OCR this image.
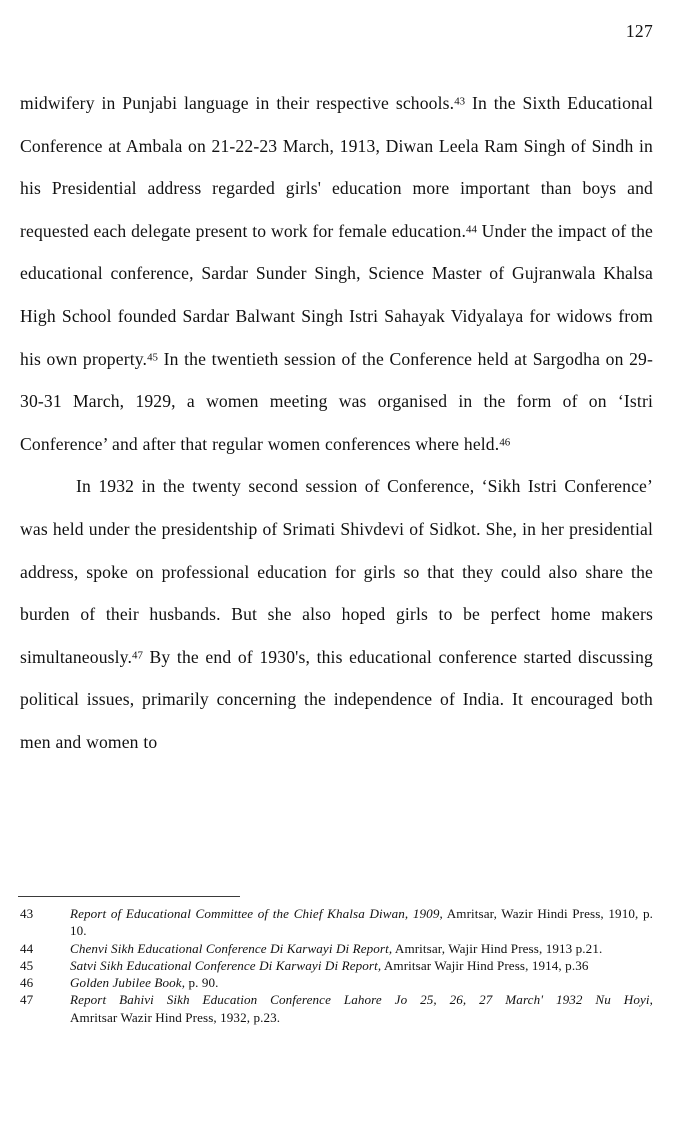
127

midwifery in Punjabi language in their respective schools.$^{43}$ In the Sixth Educational Conference at Ambala on 21-22-23 March, 1913, Diwan Leela Ram Singh of Sindh in his Presidential address regarded girls' education more important than boys and requested each delegate present to work for female education.$^{44}$ Under the impact of the educational conference, Sardar Sunder Singh, Science Master of Gujranwala Khalsa High School founded Sardar Balwant Singh Istri Sahayak Vidyalaya for widows from his own property.$^{45}$ In the twentieth session of the Conference held at Sargodha on 29-30-31 March, 1929, a women meeting was organised in the form of on ‘Istri Conference’ and after that regular women conferences where held.$^{46}$

In 1932 in the twenty second session of Conference, ‘Sikh Istri Conference’ was held under the presidentship of Srimati Shivdevi of Sidkot. She, in her presidential address, spoke on professional education for girls so that they could also share the burden of their husbands. But she also hoped girls to be perfect home makers simultaneously.$^{47}$ By the end of 1930's, this educational conference started discussing political issues, primarily concerning the independence of India. It encouraged both men and women to

43	Report of Educational Committee of the Chief Khalsa Diwan, 1909, Amritsar, Wazir Hindi Press, 1910, p. 10.
44	Chenvi Sikh Educational Conference Di Karwayi Di Report, Amritsar, Wajir Hind Press, 1913 p.21.
45	Satvi Sikh Educational Conference Di Karwayi Di Report, Amritsar Wajir Hind Press, 1914, p.36
46	Golden Jubilee Book, p. 90.
47	Report Bahivi Sikh Education Conference Lahore Jo 25, 26, 27 March' 1932 Nu Hoyi,
Amritsar Wazir Hind Press, 1932, p.23.
